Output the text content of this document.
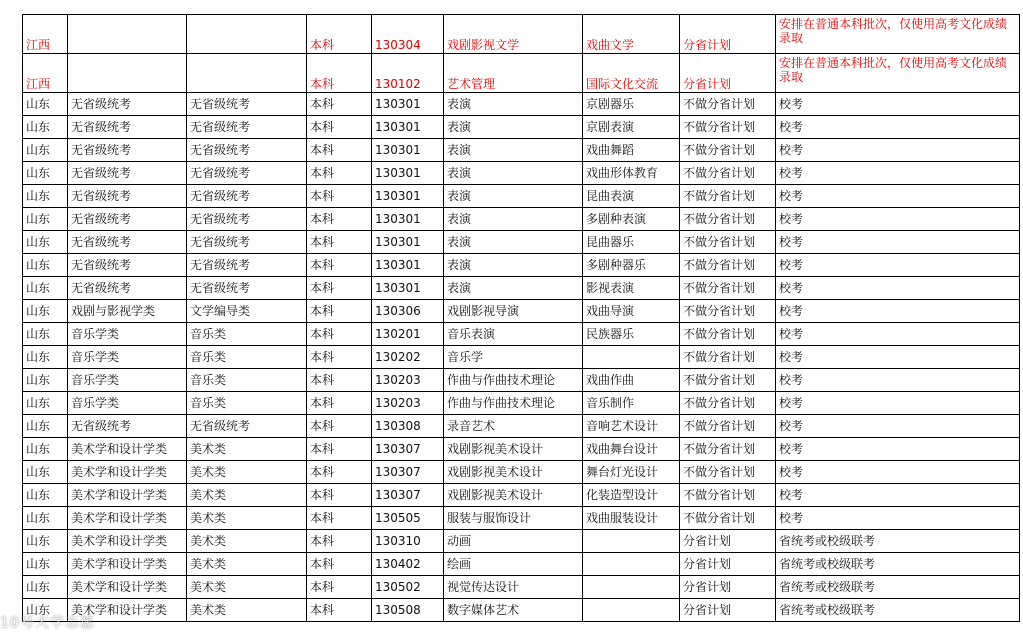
江西			本科	130304	戏剧影视文学	戏曲文学	分省计划	安排在普通本科批次，仅使用高考文化成绩录取
江西			本科	130102	艺术管理	国际文化交流	分省计划	安排在普通本科批次，仅使用高考文化成绩录取
山东	无省级统考	无省级统考	本科	130301	表演	京剧器乐	不做分省计划	校考
山东	无省级统考	无省级统考	本科	130301	表演	京剧表演	不做分省计划	校考
山东	无省级统考	无省级统考	本科	130301	表演	戏曲舞蹈	不做分省计划	校考
山东	无省级统考	无省级统考	本科	130301	表演	戏曲形体教育	不做分省计划	校考
山东	无省级统考	无省级统考	本科	130301	表演	昆曲表演	不做分省计划	校考
山东	无省级统考	无省级统考	本科	130301	表演	多剧种表演	不做分省计划	校考
山东	无省级统考	无省级统考	本科	130301	表演	昆曲器乐	不做分省计划	校考
山东	无省级统考	无省级统考	本科	130301	表演	多剧种器乐	不做分省计划	校考
山东	无省级统考	无省级统考	本科	130301	表演	影视表演	不做分省计划	校考
山东	戏剧与影视学类	文学编导类	本科	130306	戏剧影视导演	戏曲导演	不做分省计划	校考
山东	音乐学类	音乐类	本科	130201	音乐表演	民族器乐	不做分省计划	校考
山东	音乐学类	音乐类	本科	130202	音乐学		不做分省计划	校考
山东	音乐学类	音乐类	本科	130203	作曲与作曲技术理论	戏曲作曲	不做分省计划	校考
山东	音乐学类	音乐类	本科	130203	作曲与作曲技术理论	音乐制作	不做分省计划	校考
山东	无省级统考	无省级统考	本科	130308	录音艺术	音响艺术设计	不做分省计划	校考
山东	美术学和设计学类	美术类	本科	130307	戏剧影视美术设计	戏曲舞台设计	不做分省计划	校考
山东	美术学和设计学类	美术类	本科	130307	戏剧影视美术设计	舞台灯光设计	不做分省计划	校考
山东	美术学和设计学类	美术类	本科	130307	戏剧影视美术设计	化装造型设计	不做分省计划	校考
山东	美术学和设计学类	美术类	本科	130505	服装与服饰设计	戏曲服装设计	不做分省计划	校考
山东	美术学和设计学类	美术类	本科	130310	动画		分省计划	省统考或校级联考
山东	美术学和设计学类	美术类	本科	130402	绘画		分省计划	省统考或校级联考
山东	美术学和设计学类	美术类	本科	130502	视觉传达设计		分省计划	省统考或校级联考
山东	美术学和设计学类	美术类	本科	130508	数字媒体艺术		分省计划	省统考或校级联考
10号大学志愿
